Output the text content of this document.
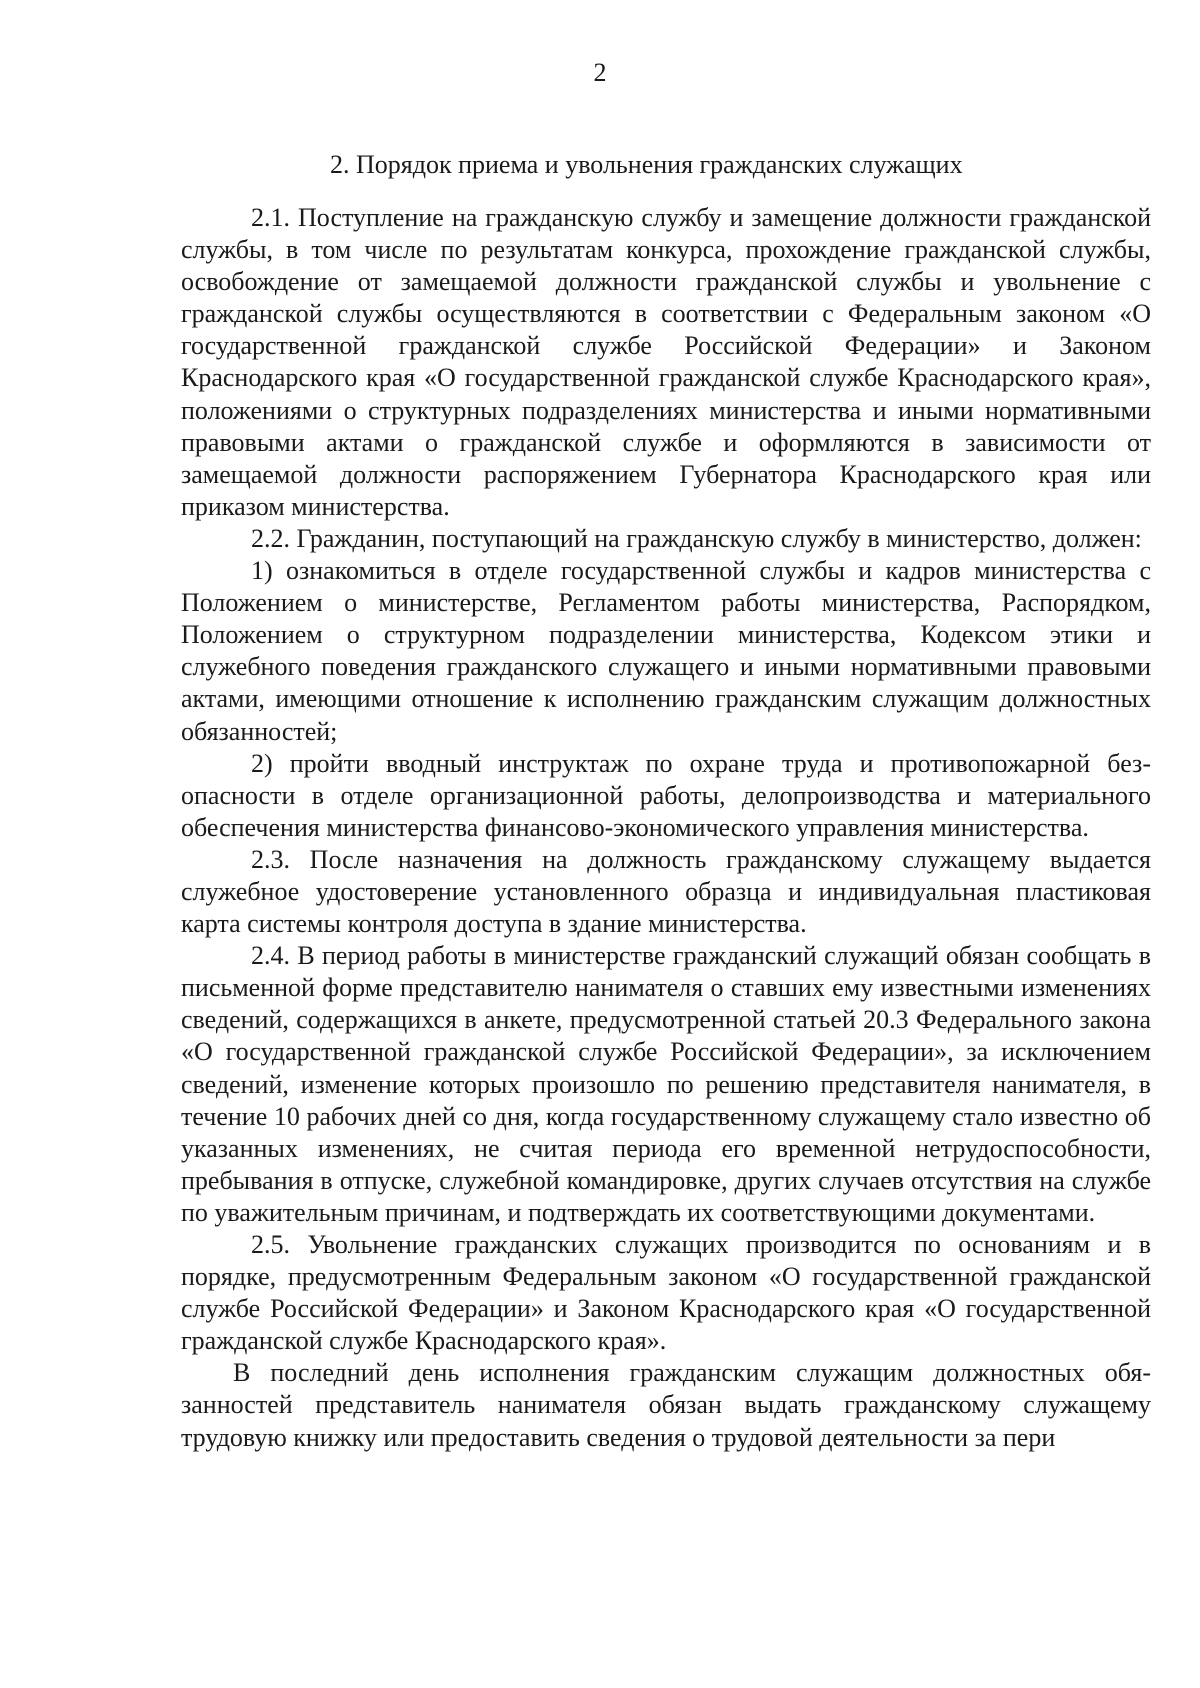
2
2. Порядок приема и увольнения гражданских служащих

2.1. Поступление на гражданскую службу и замещение должности гражданской службы, в том числе по результатам конкурса, прохождение гражданской службы, освобождение от замещаемой должности гражданской службы и увольнение с гражданской службы осуществляются в соответствии с Федеральным законом «О государственной гражданской службе Российской Федерации» и Законом Краснодарского края «О государственной гражданской службе Краснодарского края», положениями о структурных подразделениях министерства и иными нормативными правовыми актами о гражданской службе и оформляются в зависимости от замещаемой должности распоряжением Губернатора Краснодарского края или приказом министерства.

2.2. Гражданин, поступающий на гражданскую службу в министерство, должен:

1) ознакомиться в отделе государственной службы и кадров министерства с Положением о министерстве, Регламентом работы министерства, Распорядком, Положением о структурном подразделении министерства, Кодексом этики и служебного поведения гражданского служащего и иными нормативными правовыми актами, имеющими отношение к исполнению гражданским служащим должностных обязанностей;

2) пройти вводный инструктаж по охране труда и противопожарной безопасности в отделе организационной работы, делопроизводства и материального обеспечения министерства финансово-экономического управления министерства.

2.3. После назначения на должность гражданскому служащему выдается служебное удостоверение установленного образца и индивидуальная пластиковая карта системы контроля доступа в здание министерства.

2.4. В период работы в министерстве гражданский служащий обязан сообщать в письменной форме представителю нанимателя о ставших ему известными изменениях сведений, содержащихся в анкете, предусмотренной статьей 20.3 Федерального закона «О государственной гражданской службе Российской Федерации», за исключением сведений, изменение которых произошло по решению представителя нанимателя, в течение 10 рабочих дней со дня, когда государственному служащему стало известно об указанных изменениях, не считая периода его временной нетрудоспособности, пребывания в отпуске, служебной командировке, других случаев отсутствия на службе по уважительным причинам, и подтверждать их соответствующими документами.

2.5. Увольнение гражданских служащих производится по основаниям и в порядке, предусмотренным Федеральным законом «О государственной гражданской службе Российской Федерации» и Законом Краснодарского края «О государственной гражданской службе Краснодарского края».

В последний день исполнения гражданским служащим должностных обязанностей представитель нанимателя обязан выдать гражданскому служащему трудовую книжку или предоставить сведения о трудовой деятельности за пери
